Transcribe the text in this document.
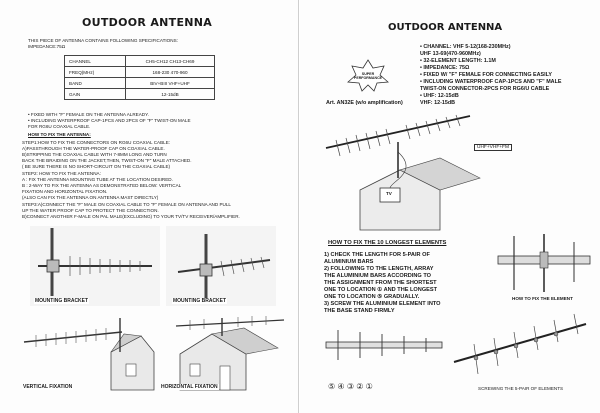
OUTDOOR ANTENNA
THIS PIECE OF ANTENNA CONTAINS FOLLOWING SPECIFICATIONS:
IMPEDANCE:75Ω
CHANNEL	CH5-CH12 CH13-CH69
FREQ(MHz)	168-230 470-960
BAND	BIV+BIII VHF+UHF
GAIN	12-15dB
• FIXED WITH "F" FEMALE ON THE ANTENNA ALREADY.
• INCLUDING WATERPROOF CAP-1PCS AND 2PCS OF "F" TWIST-ON MALE
FOR RG6U COAXIAL CABLE.
HOW TO FIX THE ANTENNA:
STEP1:HOW TO FIX THE CONNECTORS ON RG6U COAXIAL CABLE:
A)PASSTHROUGH THE WATER-PROOF CAP ON COAXIAL CABLE.
B)STRIPPING THE COAXIAL CABLE WITH 7-8MM LONG AND TURN
BACK THE BRAIDING ON THE JACKET,THEN, TWIST-ON "F" MALE ATTACHED.
( BE SURE THERE IS NO SHORT-CIRCUIT ON THE COAXIAL CABLE)
STEP2: HOW TO FIX THE ANTENNA:
A : FIX THE ANTENNA MOUNTING TUBE AT THE LOCATION DESIRED.
B : 2-WAY TO FIX THE ANTENNA AS DEMONSTRATED BELOW: VERTICAL
FIXATION AND HORIZONTAL FIXATION.
(ALSO CAN FIX THE ANTENNA ON ANTENNA MAST DIRECTLY)
STEP3:A)CONNECT THE "F" MALE ON COAXIAL CABLE TO "F" FEMALE ON ANTENNA AND PULL
UP THE WATER PROOF CAP TO PROTECT THE CONNECTION.
B)CONNECT ANOTHER F-MALE ON PAL MALE(EXCLUDING) TO YOUR TV/TV RECEIVER/AMPLIFIER.
MOUNTING BRACKET	MOUNTING BRACKET
VERTICAL FIXATION	HORIZONTAL FIXATION
OUTDOOR ANTENNA
• CHANNEL: VHF 5-12(168-230MHz)
UHF 13-69(470-960MHz)
• 32-ELEMENT LENGTH: 1.1M
• IMPEDANCE: 75Ω
• FIXED W/ "F" FEMALE FOR CONNECTING EASILY
• INCLUDING WATERPROOF CAP-1PCS AND "F" MALE
TWIST-ON CONNECTOR-2PCS FOR RG6/U CABLE
• UHF: 12-15dB
VHF: 12-15dB
SUPER PERFORMANCE
Art. AN32E (w/o amplification)
UHF+VHF+FM
TV
HOW TO FIX THE 10 LONGEST ELEMENTS
1) CHECK THE LENGTH FOR 5-PAIR OF
ALUMINIUM BARS
2) FOLLOWING TO THE LENGTH, ARRAY
THE ALUMINIUM BARS ACCORDING TO
THE ASSIGNMENT FROM THE SHORTEST
ONE TO LOCATION ① AND THE LONGEST
ONE TO LOCATION ⑤ GRADUALLY.
3) SCREW THE ALUMINIUM ELEMENT INTO
THE BASE STAND FIRMLY
HOW TO FIX THE ELEMENT
⑤ ④ ③ ② ①	SCREWING THE 5-PAIR OF ELEMENTS
